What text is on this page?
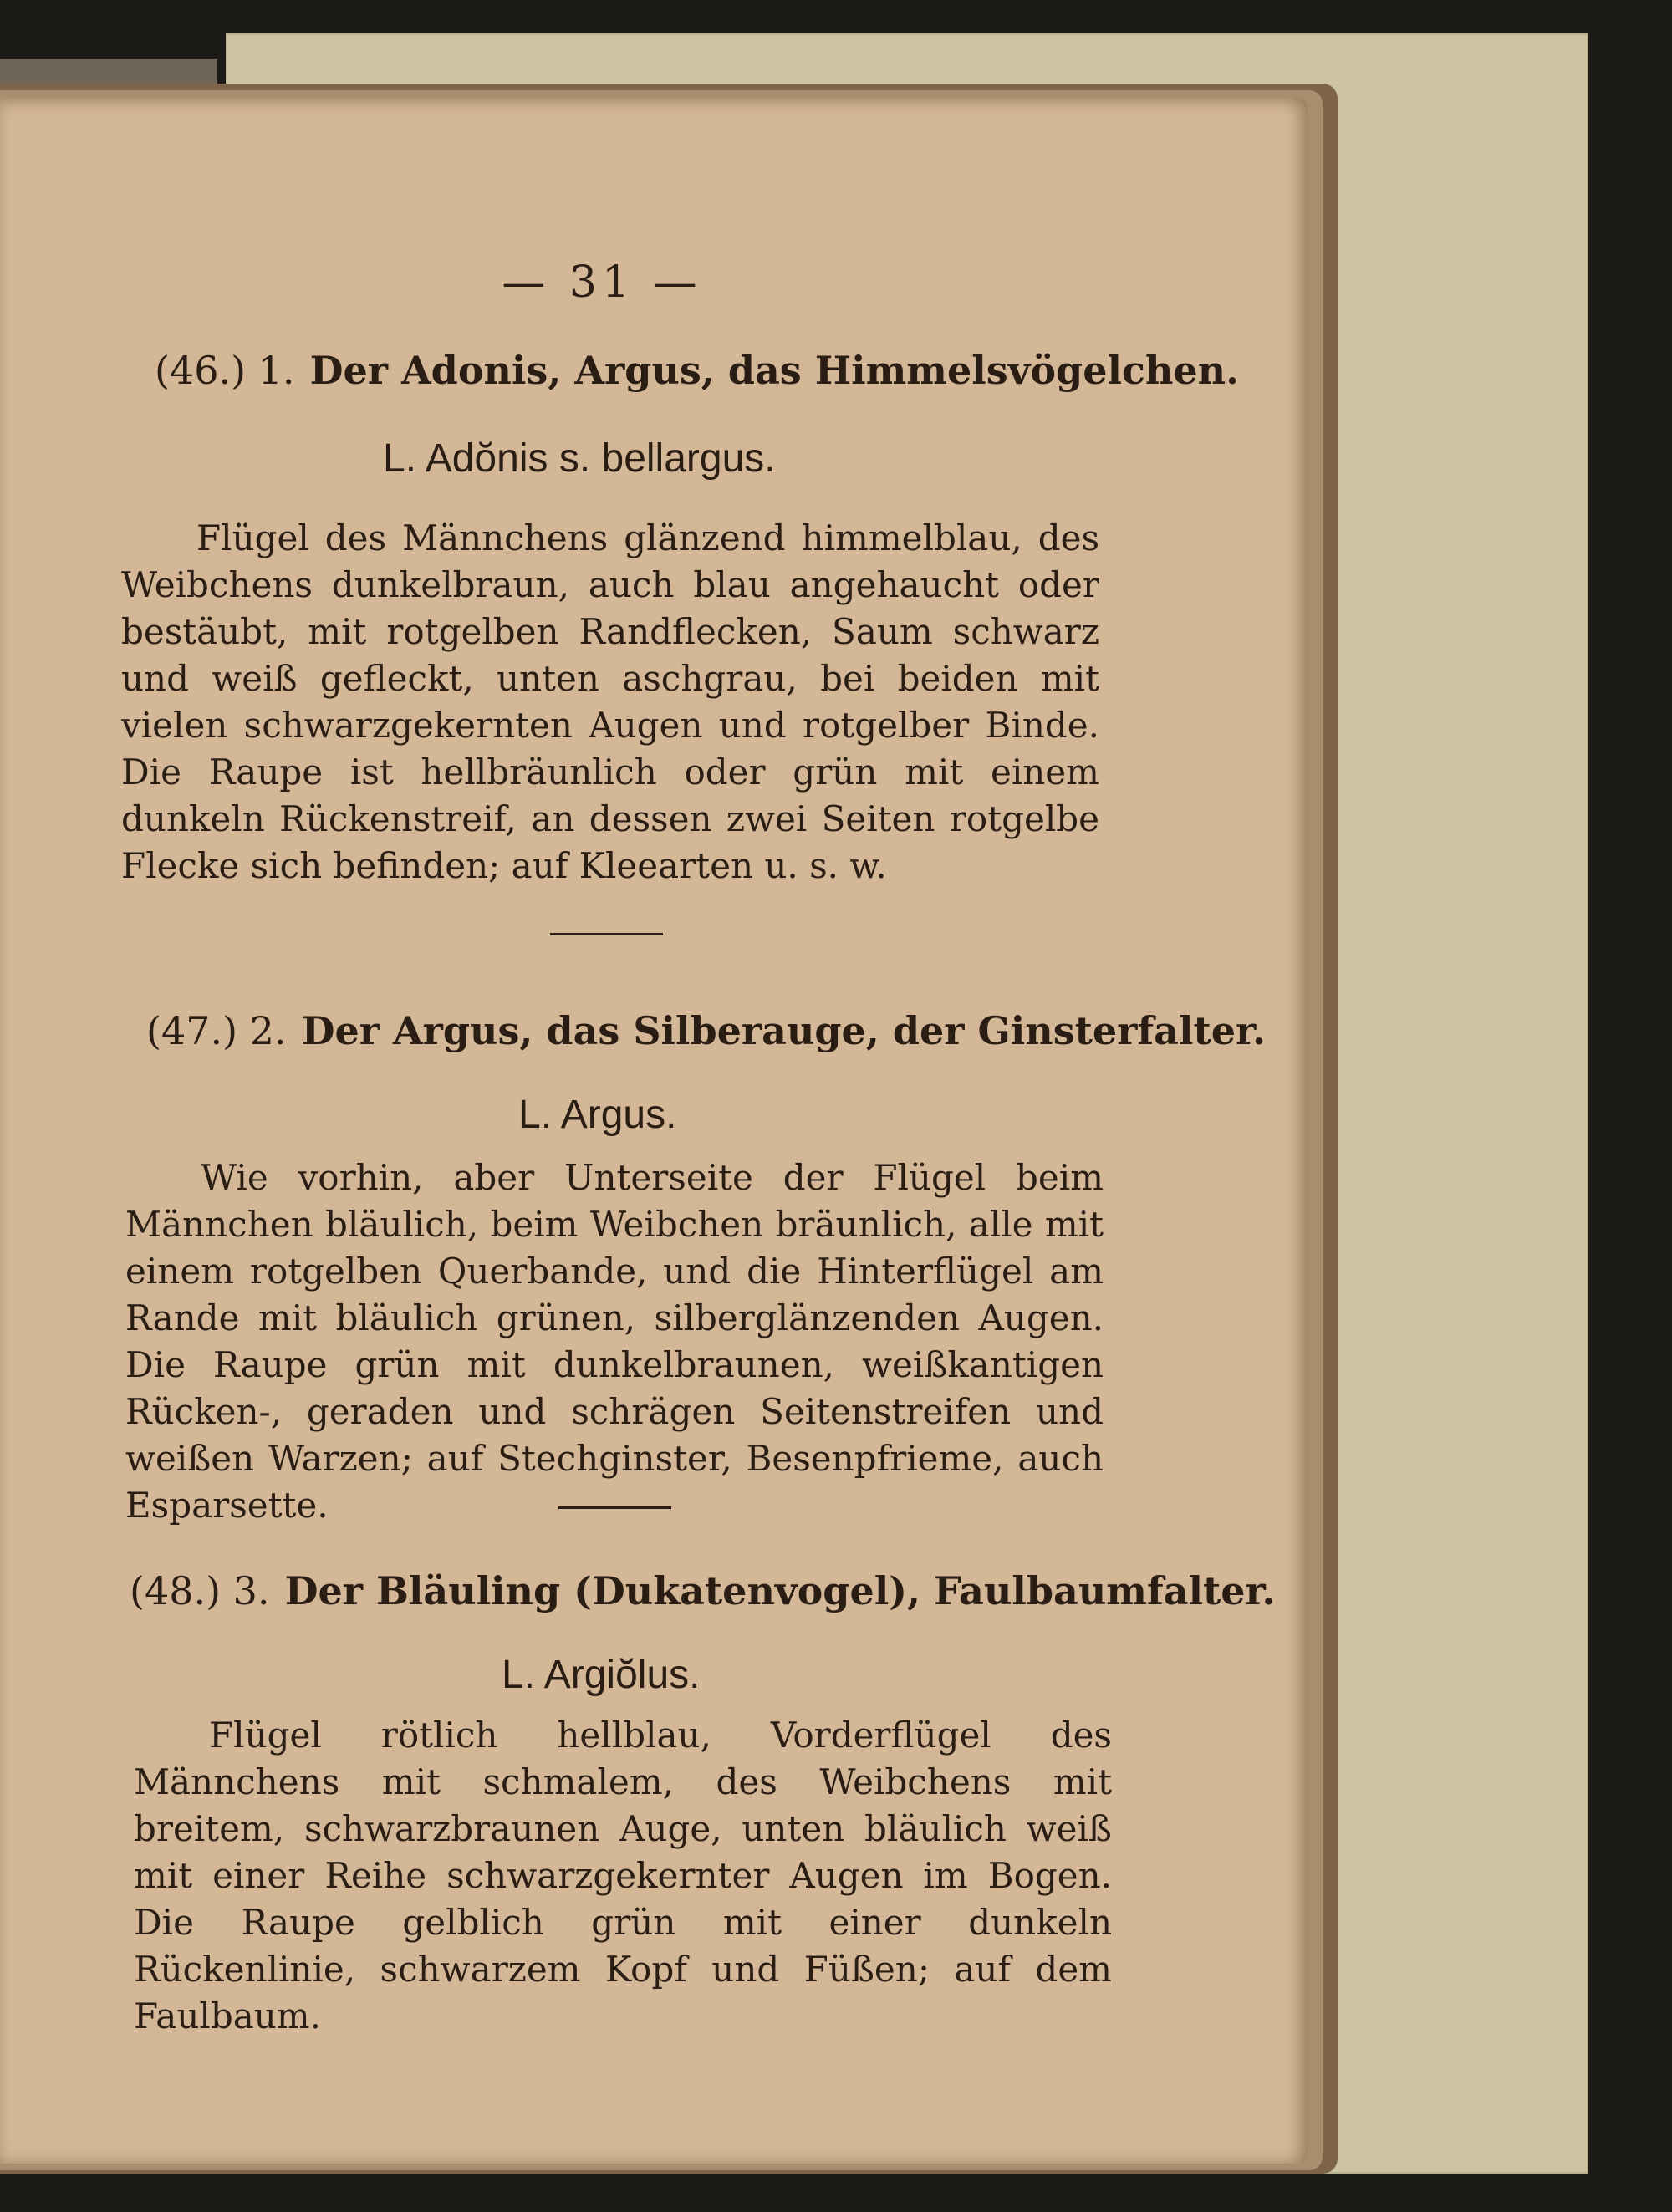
— 31 —
(46.) 1. Der Adonis, Argus, das Himmelsvögelchen.
L. Adŏnis s. bellargus.

Flügel des Männchens glänzend himmelblau, des Weibchens dunkelbraun, auch blau angehaucht oder bestäubt, mit rotgelben Randflecken, Saum schwarz und weiß gefleckt, unten aschgrau, bei beiden mit vielen schwarzgekernten Augen und rotgelber Binde. Die Raupe ist hellbräunlich oder grün mit einem dunkeln Rückenstreif, an dessen zwei Seiten rotgelbe Flecke sich befinden; auf Kleearten u. s. w.

(47.) 2. Der Argus, das Silberauge, der Ginsterfalter.
L. Argus.

Wie vorhin, aber Unterseite der Flügel beim Männchen bläulich, beim Weibchen bräunlich, alle mit einem rotgelben Querbande, und die Hinterflügel am Rande mit bläulich grünen, silberglänzenden Augen. Die Raupe grün mit dunkelbraunen, weißkantigen Rücken-, geraden und schrägen Seitenstreifen und weißen Warzen; auf Stechginster, Besenpfrieme, auch Esparsette.

(48.) 3. Der Bläuling (Dukatenvogel), Faulbaumfalter.
L. Argiŏlus.

Flügel rötlich hellblau, Vorderflügel des Männchens mit schmalem, des Weibchens mit breitem, schwarzbraunen Auge, unten bläulich weiß mit einer Reihe schwarzgekernter Augen im Bogen. Die Raupe gelblich grün mit einer dunkeln Rückenlinie, schwarzem Kopf und Füßen; auf dem Faulbaum.
